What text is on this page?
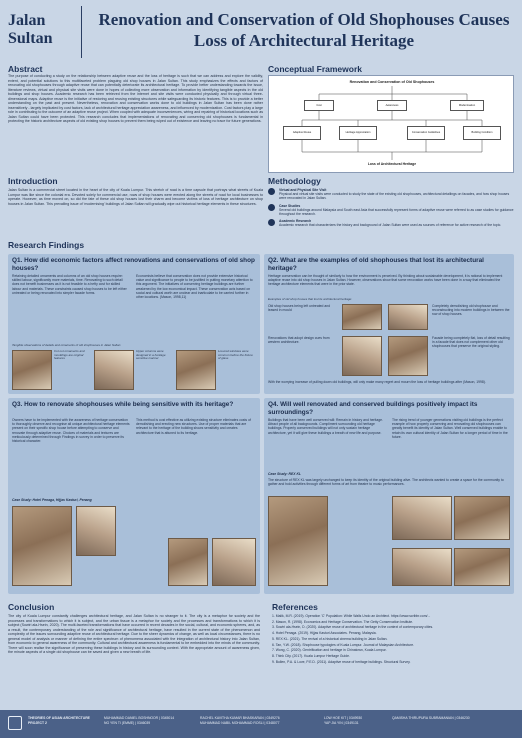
Jalan
Sultan
Renovation and Conservation of Old Shophouses Causes Loss of Architectural Heritage
Abstract
The purpose of conducting a study on the relationship between adaptive reuse and the loss of heritage is such that we can address and explore the validity, extent, and potential solutions to this multifaceted problem plaguing old shop houses in Jalan Sultan. This study emphasizes the effects and factors of renovating old shophouses through adaptive reuse that can potentially deteriorate its architectural heritage. To provide better understanding towards the issue, literature reviews, virtual and physical site visits were done in hopes of collecting more observation and information by identifying tangible aspects in the old buildings and shop houses. Academic research has been retrieved from the internet and site visits were conducted physically and through virtual three-dimensional maps. Adaptive reuse is the initiative of restoring and reusing existing structures while safeguarding its historic features. This is to provide a better understanding on the past and present. Nevertheless, renovation and conservation works done to old buildings in Jalan Sultan has been done rather insensitively - largely implicated by cost factors, lack of architectural heritage appreciation awareness, and influenced by modernization. Cost factors play a large role in contributing to the outcome of an adaptive reuse project. When coupled with adequate inconveniences, wiring and repairing of historical locations such as Jalan Sultan could have been protected. This research concludes that implementations of renovating and conserving old shophouses is fundamental in protecting the historic architecture aspects of old existing shop houses to prevent them being wiped out of existence and leaving no trace for future generations.
Introduction
Jalan Sultan is a commercial street located in the heart of the city of Kuala Lumpur. This stretch of road is a time capsule that portrays what streets of Kuala Lumpur was like since the colonial era. Devoted solely for commercial use, rows of shop houses were erected along the streets of road for local businesses to operate. However, as time moved on, so did the fate of these old shop houses lost their charm and become victims of loss of heritage architecture on shop houses in Jalan Sultan. This prevailing issue of 'modernising' buildings of Jalan Sultan will gradually wipe out historical heritage elements in these structures.
Conceptual Framework
Renovation and Conservation of Old Shophouses
Cost	Awareness	Modernisation
Adaptive Reuse	Heritage Appreciation	Conservation Guidelines	Building Condition
Loss of Architectural Heritage
Methodology
Virtual and Physical Site Visit
Physical and virtual site visits were conducted to study the state of the existing old shophouses, architectural detailings on facades, and how shop houses were renovated in Jalan Sultan.
Case Studies
Several old buildings around Malaysia and South east Asia that successfully represent forms of adaptive reuse were referred to as case studies for guidance throughout the research.
Academic Research
Academic research that characterizes the history and background of Jalan Sultan were used as sources of reference for active research of the topic.
Research Findings
Q1. How did economic factors affect renovations and conservations of old shop houses?
Retaining detailed ornaments and columns of an old shop houses require: skilled labour, significantly more materials, time. Renovating to such detail does not benefit businesses as it is not feasible to a hefty cost for skilled labour and materials. These constraints caused shop houses to be left either untreated or being renovated into simpler facade forms.
Economists believe that conservation does not provide extensive historical value and significance to people to be justified in putting monetary attention to this argument. The initiatives of conserving heritage buildings are further weakened by the low economical impact. These conservation acts based on social and cultural worth are unclear and inarticulate to be carried further in other locations. (Mason, 1998,11)
Tangible observations of details and ornaments of old shophouses in Jalan Sultan
Cut out ornaments and mouldings are original features
Upper columns were designed in a heritage sensitive manner
Louvred windows were common before the fixture of glass
Q2. What are the examples of old shophouses that lost its architectural heritage?
Heritage conservation can be thought of similarly to how the environment is perceived. By thinking about sustainable development, it is rational to implement adaptive reuse into old shop houses in Jalan Sultan. However, observations show that some renovation works have been done in a way that eliminated the heritage architecture elements that were in the prior state.
Examples of old shop houses that lost its architectural heritage:
Old shop houses being left untreated and leased in mould
Completely demolishing old shophouse and reconstructing into modern buildings in between the row of shop houses.
Renovations that adopt design cues from western architecture.
Facade being completely flat, loss of detail resulting in a facade that does not complement other old shophouses that preserve the original styling.
With the worrying increase of pulling down old buildings, will only make many regret and mourn the loss of heritage buildings after (Mason, 1998).
Q3. How to renovate shophouses while being sensitive with its heritage?
Owners have to be implemented with the awareness of heritage conservation to thoroughly observe and recognise all unique architectural heritage elements present on their specific shop house before attempting to conserve and renovate through adaptive reuse. Choices of materials and textures are meticulously determined through Findings in survey in order to preserve its historical character.
This method is cost effective as utilizing existing structure eliminates costs of demolishing and erecting new structures. Use of proper materials that are relevant to the heritage of the building shows sensitivity and creates architecture that is attuned to its heritage.
Case Study: Hotel Penaga, Hijjas Kasturi, Penang
Q4. Will well renovated and conserved buildings positively impact its surroundings?
Buildings that have been well conserved will: Remain in history and heritage. Attract people of all backgrounds. Compliment surrounding old heritage buildings. Properly conserved buildings will not only sustain heritage architecture, yet it will give these buildings a breath of new life and purpose.
The rising trend of younger generations visiting old buildings is the perfect example of how properly conserving and renovating old shophouses can greatly benefit its identity of Jalan Sultan. Well conserved buildings enable to retain its own cultural identity of Jalan Sultan for a longer period of time in the future.
Case Study: REX KL
The structure of REX KL was largely unchanged to keep its identity of the original building alive. The architects wanted to create a space for the community to gather and hold activities through different forms of art from theatre to music performances.
Conclusion
The city of Kuala Lumpur constantly challenges architectural heritage, and Jalan Sultan is no stranger to it. The city is a metaphor for society and the processes and transformations to which it is subject, and the urban tissue is a metaphor for society and the processes and transformations to which it is subject (Sowiri ala-Hsein, 2020). The multi-faceted transformations that have occurred in recent decades in the social, cultural, and economic spheres, and, as a result, the contemporary understanding of the role and significance of architectural heritage, have resulted in the current state of the phenomenon and complexity of the issues surrounding adaptive reuse of architectural heritage. Due to the sheer dynamics of change, as well as local circumstances, there is no general model of analysis or manner of defining the entire spectrum of phenomena associated with the integration of architectural history into Jalan Sultan, from economic to general awareness of the community. Cultural and architectural awareness is fundamental to be embedded into the minds of the community. There will soon realise the significance of preserving these buildings in history and its surrounding context. With the appropriate amount of awareness given, the minute aspects of a single old shophouse can be saved and given a new breath of life.
References
1. Malik, M.R. (2019). Operation 'C' Population: While Walls Undo an Architect. https://www.scribbr.com/...
2. Mason, R. (1998). Economics and Heritage Conservation. The Getty Conservation Institute.
3. Sowiri ala-Hsein, D. (2020). Adaptive reuse of architectural heritage in the context of contemporary cities.
4. Hotel Penaga. (2019). Hijjas Kasturi Associates. Penang, Malaysia.
5. REX KL. (2021). The revival of a historical cinema building in Jalan Sultan.
6. Tan, Y.W. (2018). Shophouse typologies of Kuala Lumpur. Journal of Malaysian Architecture.
7. Wong, C. (2020). Gentrification and heritage in Chinatown, Kuala Lumpur.
8. Think City. (2017). Kuala Lumpur Heritage Guide.
9. Bullen, P.A. & Love, P.E.D. (2011). Adaptive reuse of heritage buildings. Structural Survey.
THEORIES OF ASIAN ARCHITECTURE PROJECT 2
MUHAMMAD DANIEL BOSHNOOR | 0345014
NG YEN TI (EMME) | 0346039
RACHEL KAVITHA KUMAR BHASKARAN | 0349276
MUHAMMAD NABIL MOHAMMAD ROSLI | 0348077
LOW HOE KIT | 0349930
YAP JIA YIN | 0349131
QAMISHA THIRUPURA SUBRAMANIAN | 0346230
